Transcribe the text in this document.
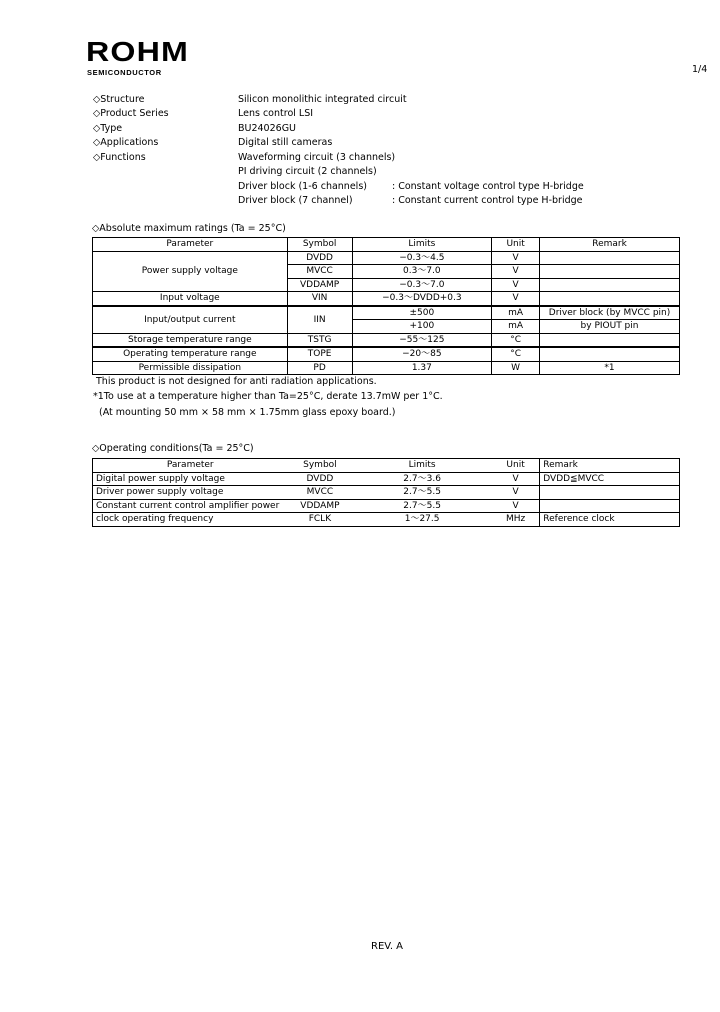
ROHM
SEMICONDUCTOR	1/4
◇Structure	Silicon monolithic integrated circuit
◇Product Series	Lens control LSI
◇Type	BU24026GU
◇Applications	Digital still cameras
◇Functions	Waveforming circuit (3 channels)
PI driving circuit (2 channels)
Driver block (1-6 channels)	: Constant voltage control type H-bridge
Driver block (7 channel)	: Constant current control type H-bridge
◇Absolute maximum ratings (Ta = 25°C)
Parameter	Symbol	Limits	Unit	Remark
Power supply voltage	DVDD	−0.3〜4.5	V	
	MVCC	0.3〜7.0	V	
	VDDAMP	−0.3〜7.0	V	
Input voltage	VIN	−0.3〜DVDD+0.3	V	
Input/output current	IIN	±500	mA	Driver block (by MVCC pin)
		+100	mA	by PIOUT pin
Storage temperature range	TSTG	−55〜125	°C	
Operating temperature range	TOPE	−20〜85	°C	
Permissible dissipation	PD	1.37	W	*1
This product is not designed for anti radiation applications.
*1To use at a temperature higher than Ta=25°C, derate 13.7mW per 1°C.
(At mounting 50 mm × 58 mm × 1.75mm glass epoxy board.)
◇Operating conditions(Ta = 25°C)
Parameter	Symbol	Limits	Unit	Remark
Digital power supply voltage	DVDD	2.7〜3.6	V	DVDD≦MVCC
Driver power supply voltage	MVCC	2.7〜5.5	V	
Constant current control amplifier power	VDDAMP	2.7〜5.5	V	
clock operating frequency	FCLK	1〜27.5	MHz	Reference clock
REV. A
